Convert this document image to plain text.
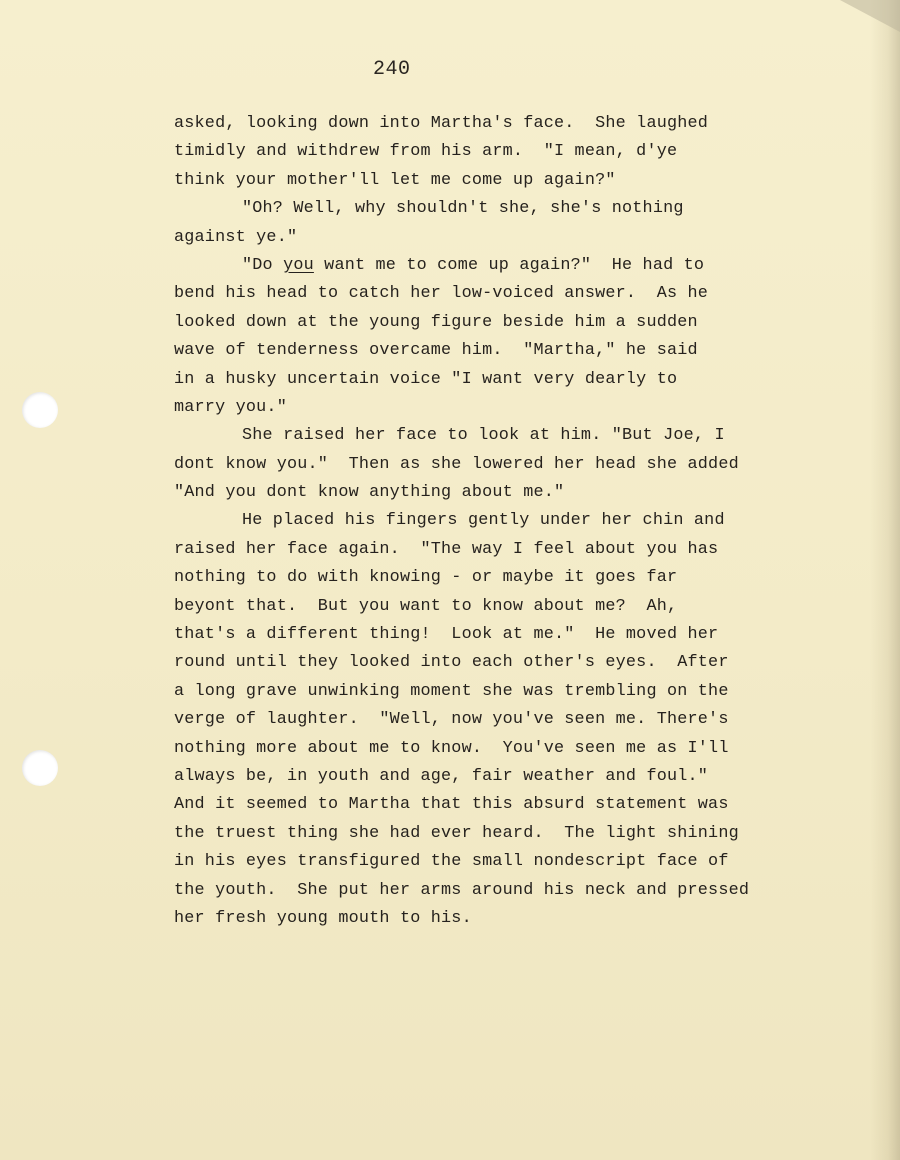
240
asked, looking down into Martha's face.  She laughed
timidly and withdrew from his arm.  "I mean, d'ye
think your mother'll let me come up again?"
"Oh? Well, why shouldn't she, she's nothing
against ye."
"Do you want me to come up again?"  He had to
bend his head to catch her low-voiced answer.  As he
looked down at the young figure beside him a sudden
wave of tenderness overcame him.  "Martha," he said
in a husky uncertain voice "I want very dearly to
marry you."
She raised her face to look at him. "But Joe, I
dont know you."  Then as she lowered her head she added
"And you dont know anything about me."
He placed his fingers gently under her chin and
raised her face again.  "The way I feel about you has
nothing to do with knowing - or maybe it goes far
beyont that.  But you want to know about me?  Ah,
that's a different thing!  Look at me."  He moved her
round until they looked into each other's eyes.  After
a long grave unwinking moment she was trembling on the
verge of laughter.  "Well, now you've seen me. There's
nothing more about me to know.  You've seen me as I'll
always be, in youth and age, fair weather and foul."
And it seemed to Martha that this absurd statement was
the truest thing she had ever heard.  The light shining
in his eyes transfigured the small nondescript face of
the youth.  She put her arms around his neck and pressed
her fresh young mouth to his.
